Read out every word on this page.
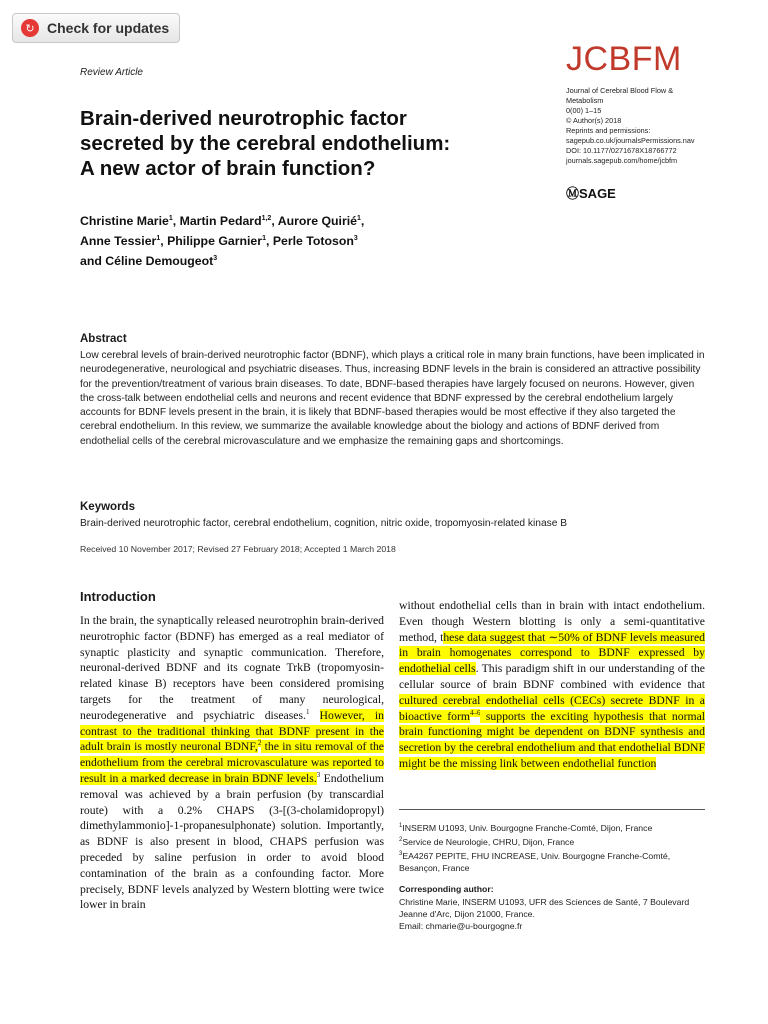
↻ Check for updates
Review Article	JCBFM
Journal of Cerebral Blood Flow &
Metabolism
0(00) 1–15
© Author(s) 2018
Reprints and permissions:
sagepub.co.uk/journalsPermissions.nav
DOI: 10.1177/0271678X18766772
journals.sagepub.com/home/jcbfm
ⓂSAGE
Brain-derived neurotrophic factor
secreted by the cerebral endothelium:
A new actor of brain function?
Christine Marie$^1$, Martin Pedard$^{1,2}$, Aurore Quirié$^1$,
Anne Tessier$^1$, Philippe Garnier$^1$, Perle Totoson$^3$
and Céline Demougeot$^3$
Abstract
Low cerebral levels of brain-derived neurotrophic factor (BDNF), which plays a critical role in many brain functions, have been implicated in neurodegenerative, neurological and psychiatric diseases. Thus, increasing BDNF levels in the brain is considered an attractive possibility for the prevention/treatment of various brain diseases. To date, BDNF-based therapies have largely focused on neurons. However, given the cross-talk between endothelial cells and neurons and recent evidence that BDNF expressed by the cerebral endothelium largely accounts for BDNF levels present in the brain, it is likely that BDNF-based therapies would be most effective if they also targeted the cerebral endothelium. In this review, we summarize the available knowledge about the biology and actions of BDNF derived from endothelial cells of the cerebral microvasculature and we emphasize the remaining gaps and shortcomings.
Keywords
Brain-derived neurotrophic factor, cerebral endothelium, cognition, nitric oxide, tropomyosin-related kinase B
Received 10 November 2017; Revised 27 February 2018; Accepted 1 March 2018
Introduction
In the brain, the synaptically released neurotrophin brain-derived neurotrophic factor (BDNF) has emerged as a real mediator of synaptic plasticity and synaptic communication. Therefore, neuronal-derived BDNF and its cognate TrkB (tropomyosin-related kinase B) receptors have been considered promising targets for the treatment of many neurological, neurodegenerative and psychiatric diseases.$^1$ However, in contrast to the traditional thinking that BDNF present in the adult brain is mostly neuronal BDNF,$^2$ the in situ removal of the endothelium from the cerebral microvasculature was reported to result in a marked decrease in brain BDNF levels.$^3$ Endothelium removal was achieved by a brain perfusion (by transcardial route) with a 0.2% CHAPS (3-[(3-cholamidopropyl) dimethylammonio]-1-propanesulphonate) solution. Importantly, as BDNF is also present in blood, CHAPS perfusion was preceded by saline perfusion in order to avoid blood contamination of the brain as a confounding factor. More precisely, BDNF levels analyzed by Western blotting were twice lower in brain
without endothelial cells than in brain with intact endothelium. Even though Western blotting is only a semi-quantitative method, these data suggest that ∼50% of BDNF levels measured in brain homogenates correspond to BDNF expressed by endothelial cells. This paradigm shift in our understanding of the cellular source of brain BDNF combined with evidence that cultured cerebral endothelial cells (CECs) secrete BDNF in a bioactive form$^{4-6}$ supports the exciting hypothesis that normal brain functioning might be dependent on BDNF synthesis and secretion by the cerebral endothelium and that endothelial BDNF might be the missing link between endothelial function
$^1$INSERM U1093, Univ. Bourgogne Franche-Comté, Dijon, France
$^2$Service de Neurologie, CHRU, Dijon, France
$^3$EA4267 PEPITE, FHU INCREASE, Univ. Bourgogne Franche-Comté, Besançon, France
Corresponding author:
Christine Marie, INSERM U1093, UFR des Sciences de Santé, 7 Boulevard Jeanne d'Arc, Dijon 21000, France.
Email: chmarie@u-bourgogne.fr
